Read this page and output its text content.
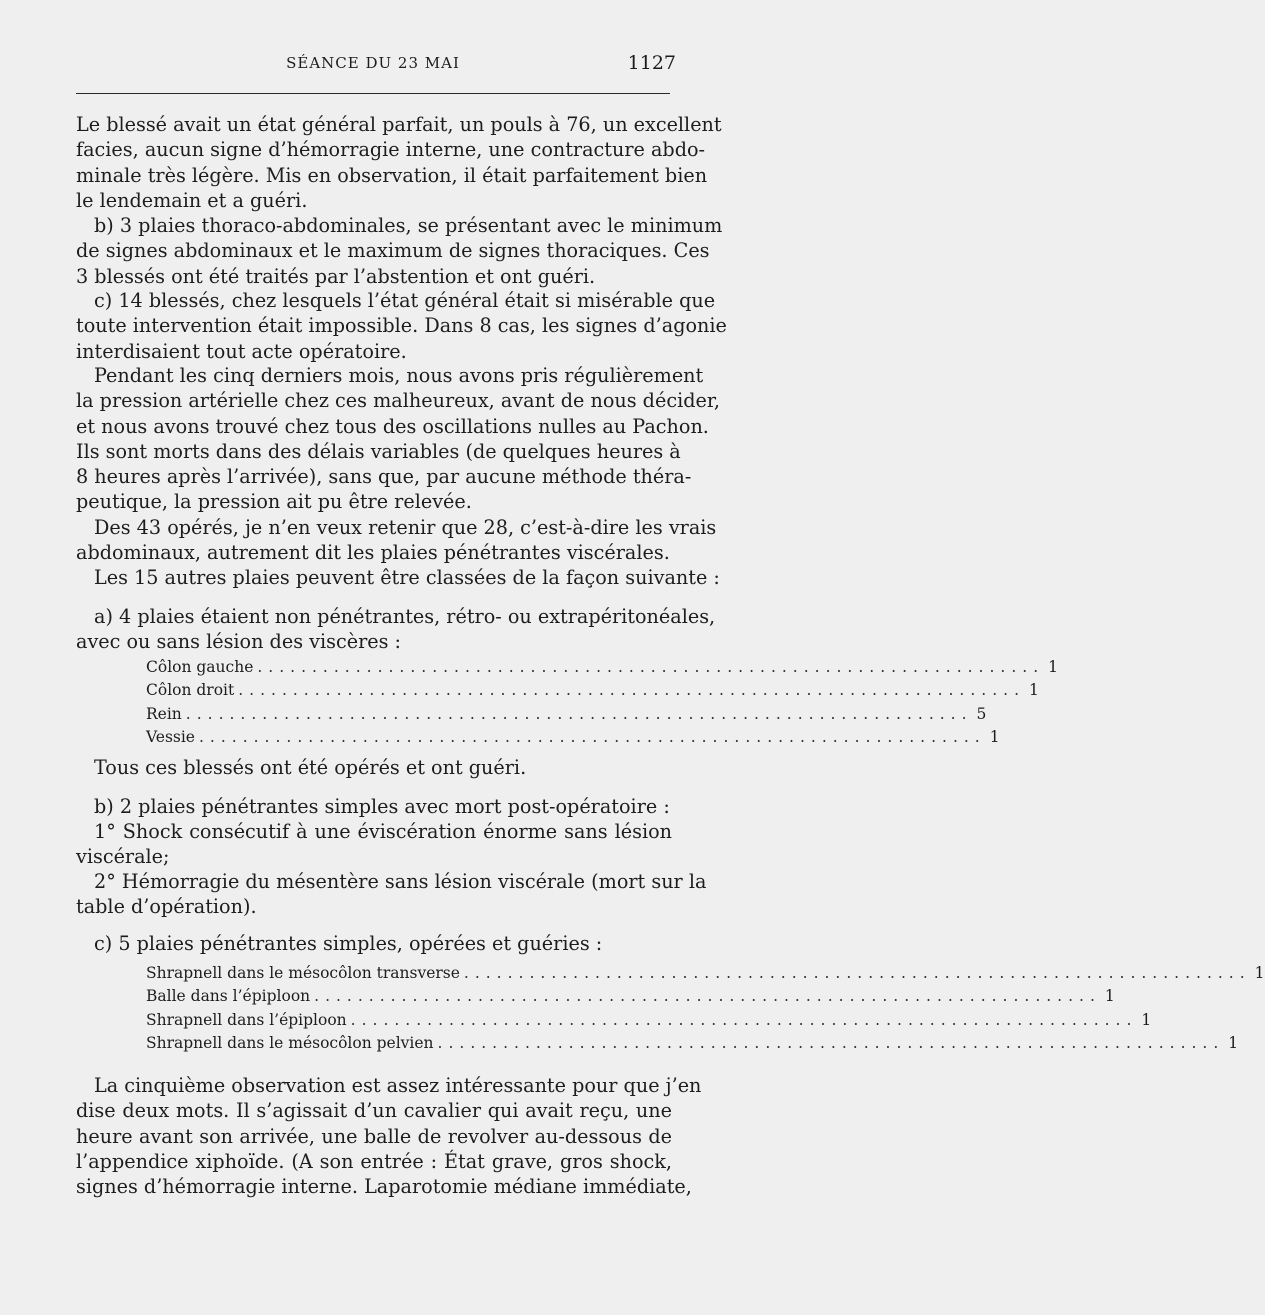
SÉANCE DU 23 MAI	1127
Le blessé avait un état général parfait, un pouls à 76, un excellent
facies, aucun signe d’hémorragie interne, une contracture abdo-
minale très légère. Mis en observation, il était parfaitement bien
le lendemain et a guéri.
b) 3 plaies thoraco-abdominales, se présentant avec le minimum
de signes abdominaux et le maximum de signes thoraciques. Ces
3 blessés ont été traités par l’abstention et ont guéri.
c) 14 blessés, chez lesquels l’état général était si misérable que
toute intervention était impossible. Dans 8 cas, les signes d’agonie
interdisaient tout acte opératoire.
Pendant les cinq derniers mois, nous avons pris régulièrement
la pression artérielle chez ces malheureux, avant de nous décider,
et nous avons trouvé chez tous des oscillations nulles au Pachon.
Ils sont morts dans des délais variables (de quelques heures à
8 heures après l’arrivée), sans que, par aucune méthode théra-
peutique, la pression ait pu être relevée.
Des 43 opérés, je n’en veux retenir que 28, c’est-à-dire les vrais
abdominaux, autrement dit les plaies pénétrantes viscérales.
Les 15 autres plaies peuvent être classées de la façon suivante :
a) 4 plaies étaient non pénétrantes, rétro- ou extrapéritonéales,
avec ou sans lésion des viscères :
Côlon gauche ........................................................................ 1
Côlon droit ........................................................................ 1
Rein ........................................................................ 5
Vessie ........................................................................ 1
Tous ces blessés ont été opérés et ont guéri.
b) 2 plaies pénétrantes simples avec mort post-opératoire :
1° Shock consécutif à une éviscération énorme sans lésion
viscérale;
2° Hémorragie du mésentère sans lésion viscérale (mort sur la
table d’opération).
c) 5 plaies pénétrantes simples, opérées et guéries :
Shrapnell dans le mésocôlon transverse ........................................................................ 1
Balle dans l’épiploon ........................................................................ 1
Shrapnell dans l’épiploon ........................................................................ 1
Shrapnell dans le mésocôlon pelvien ........................................................................ 1
La cinquième observation est assez intéressante pour que j’en
dise deux mots. Il s’agissait d’un cavalier qui avait reçu, une
heure avant son arrivée, une balle de revolver au-dessous de
l’appendice xiphoïde. (A son entrée : État grave, gros shock,
signes d’hémorragie interne. Laparotomie médiane immédiate,
